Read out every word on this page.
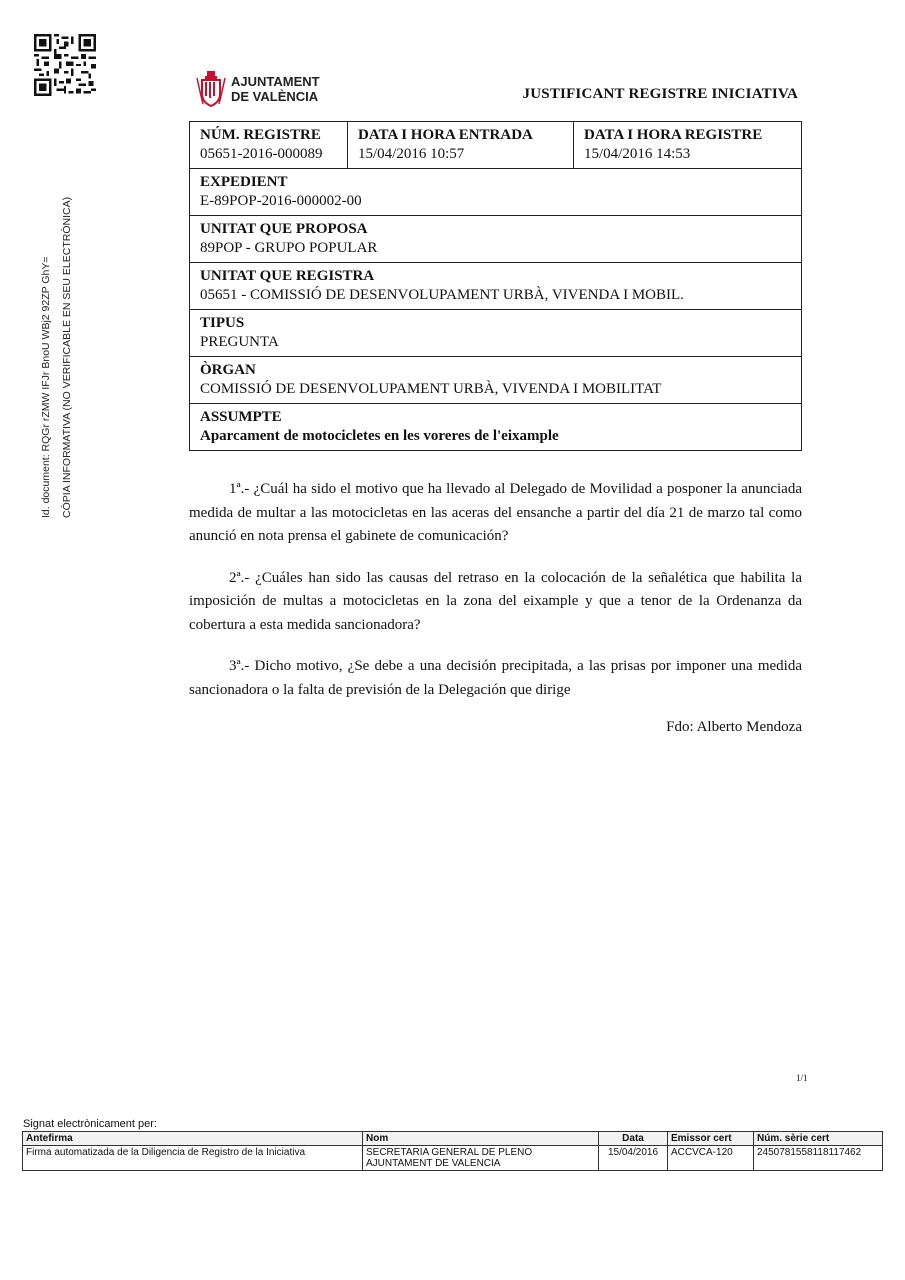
AJUNTAMENT
DE VALÈNCIA	JUSTIFICANT REGISTRE INICIATIVA
Id. document: RQGr rZMW IFJr BnoU WBj2 92ZP GhY= CÒPIA INFORMATIVA (NO VERIFICABLE EN SEU ELECTRÒNICA)
NÚM. REGISTRE
05651-2016-000089

DATA I HORA ENTRADA
15/04/2016 10:57

DATA I HORA REGISTRE
15/04/2016 14:53

EXPEDIENT
E-89POP-2016-000002-00

UNITAT QUE PROPOSA
89POP - GRUPO POPULAR

UNITAT QUE REGISTRA
05651 - COMISSIÓ DE DESENVOLUPAMENT URBÀ, VIVENDA I MOBIL.

TIPUS
PREGUNTA

ÒRGAN
COMISSIÓ DE DESENVOLUPAMENT URBÀ, VIVENDA I MOBILITAT

ASSUMPTE
Aparcament de motocicletes en les voreres de l'eixample

1ª.- ¿Cuál ha sido el motivo que ha llevado al Delegado de Movilidad a posponer la anunciada medida de multar a las motocicletas en las aceras del ensanche a partir del día 21 de marzo tal como anunció en nota prensa el gabinete de comunicación?

2ª.- ¿Cuáles han sido las causas del retraso en la colocación de la señalética que habilita la imposición de multas a motocicletas en la zona del eixample y que a tenor de la Ordenanza da cobertura a esta medida sancionadora?

3ª.- Dicho motivo, ¿Se debe a una decisión precipitada, a las prisas por imponer una medida sancionadora o la falta de previsión de la Delegación que dirige

Fdo: Alberto Mendoza
1/1
Signat electrònicament per:
Antefirma	Nom	Data	Emissor cert	Núm. sèrie cert
Firma automatizada de la Diligencia de Registro de la Iniciativa	SECRETARIA GENERAL DE PLENO
AJUNTAMENT DE VALENCIA	15/04/2016	ACCVCA-120	2450781558118117462
